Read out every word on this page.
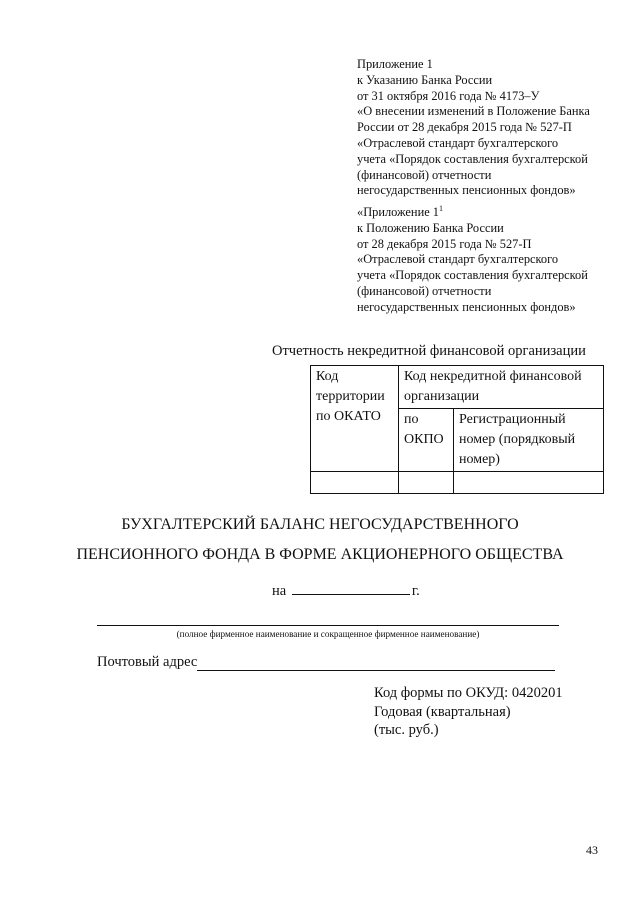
Приложение 1
к Указанию Банка России
от 31 октября 2016 года № 4173–У
«О внесении изменений в Положение Банка
России от 28 декабря 2015 года № 527-П
«Отраслевой стандарт бухгалтерского
учета «Порядок составления бухгалтерской
(финансовой) отчетности
негосударственных пенсионных фондов»
«Приложение $1^1$
к Положению Банка России
от 28 декабря 2015 года № 527-П
«Отраслевой стандарт бухгалтерского
учета «Порядок составления бухгалтерской
(финансовой) отчетности
негосударственных пенсионных фондов»
Отчетность некредитной финансовой организации
Код территории по ОКАТО	Код некредитной финансовой организации	
	по ОКПО	Регистрационный номер (порядковый номер)

БУХГАЛТЕРСКИЙ БАЛАНС НЕГОСУДАРСТВЕННОГО
ПЕНСИОННОГО ФОНДА В ФОРМЕ АКЦИОНЕРНОГО ОБЩЕСТВА
на	г.
(полное фирменное наименование и сокращенное фирменное наименование)
Почтовый адрес
Код формы по ОКУД: 0420201
Годовая (квартальная)
(тыс. руб.)
43
